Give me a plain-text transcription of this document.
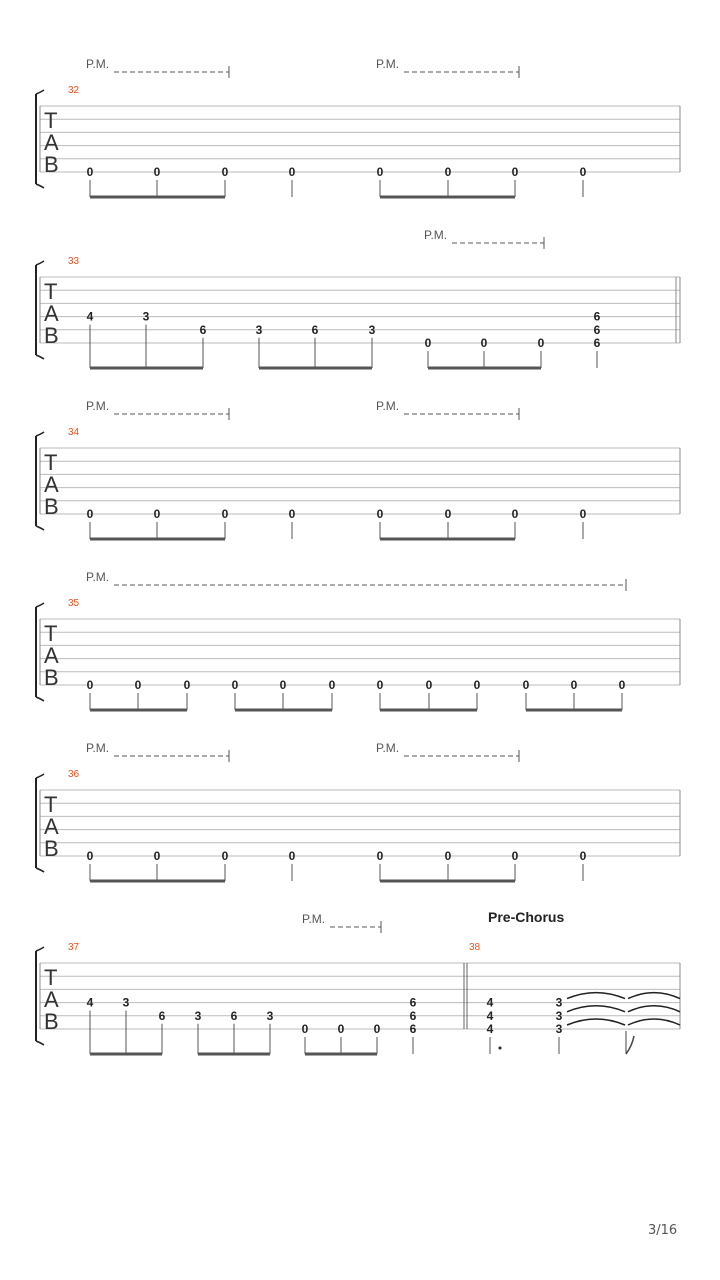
T
A
B
32
P.M.	P.M.
0	0	0	0	0	0	0	0
T
A
B
33
P.M.
4	3
6	3	6	3
0	0	0
6
6
6
T
A
B
34
P.M.	P.M.
0	0	0	0	0	0	0	0
T
A
B
35
P.M.
0	0	0	0	0	0	0	0	0	0	0	0
T
A
B
36
P.M.	P.M.
0	0	0	0	0	0	0	0
T
A
B
37	38
P.M.	Pre-Chorus
4 3
6 3 6 3
0 0 0
6
6
6
4
4
4
3
3
3
3/16
